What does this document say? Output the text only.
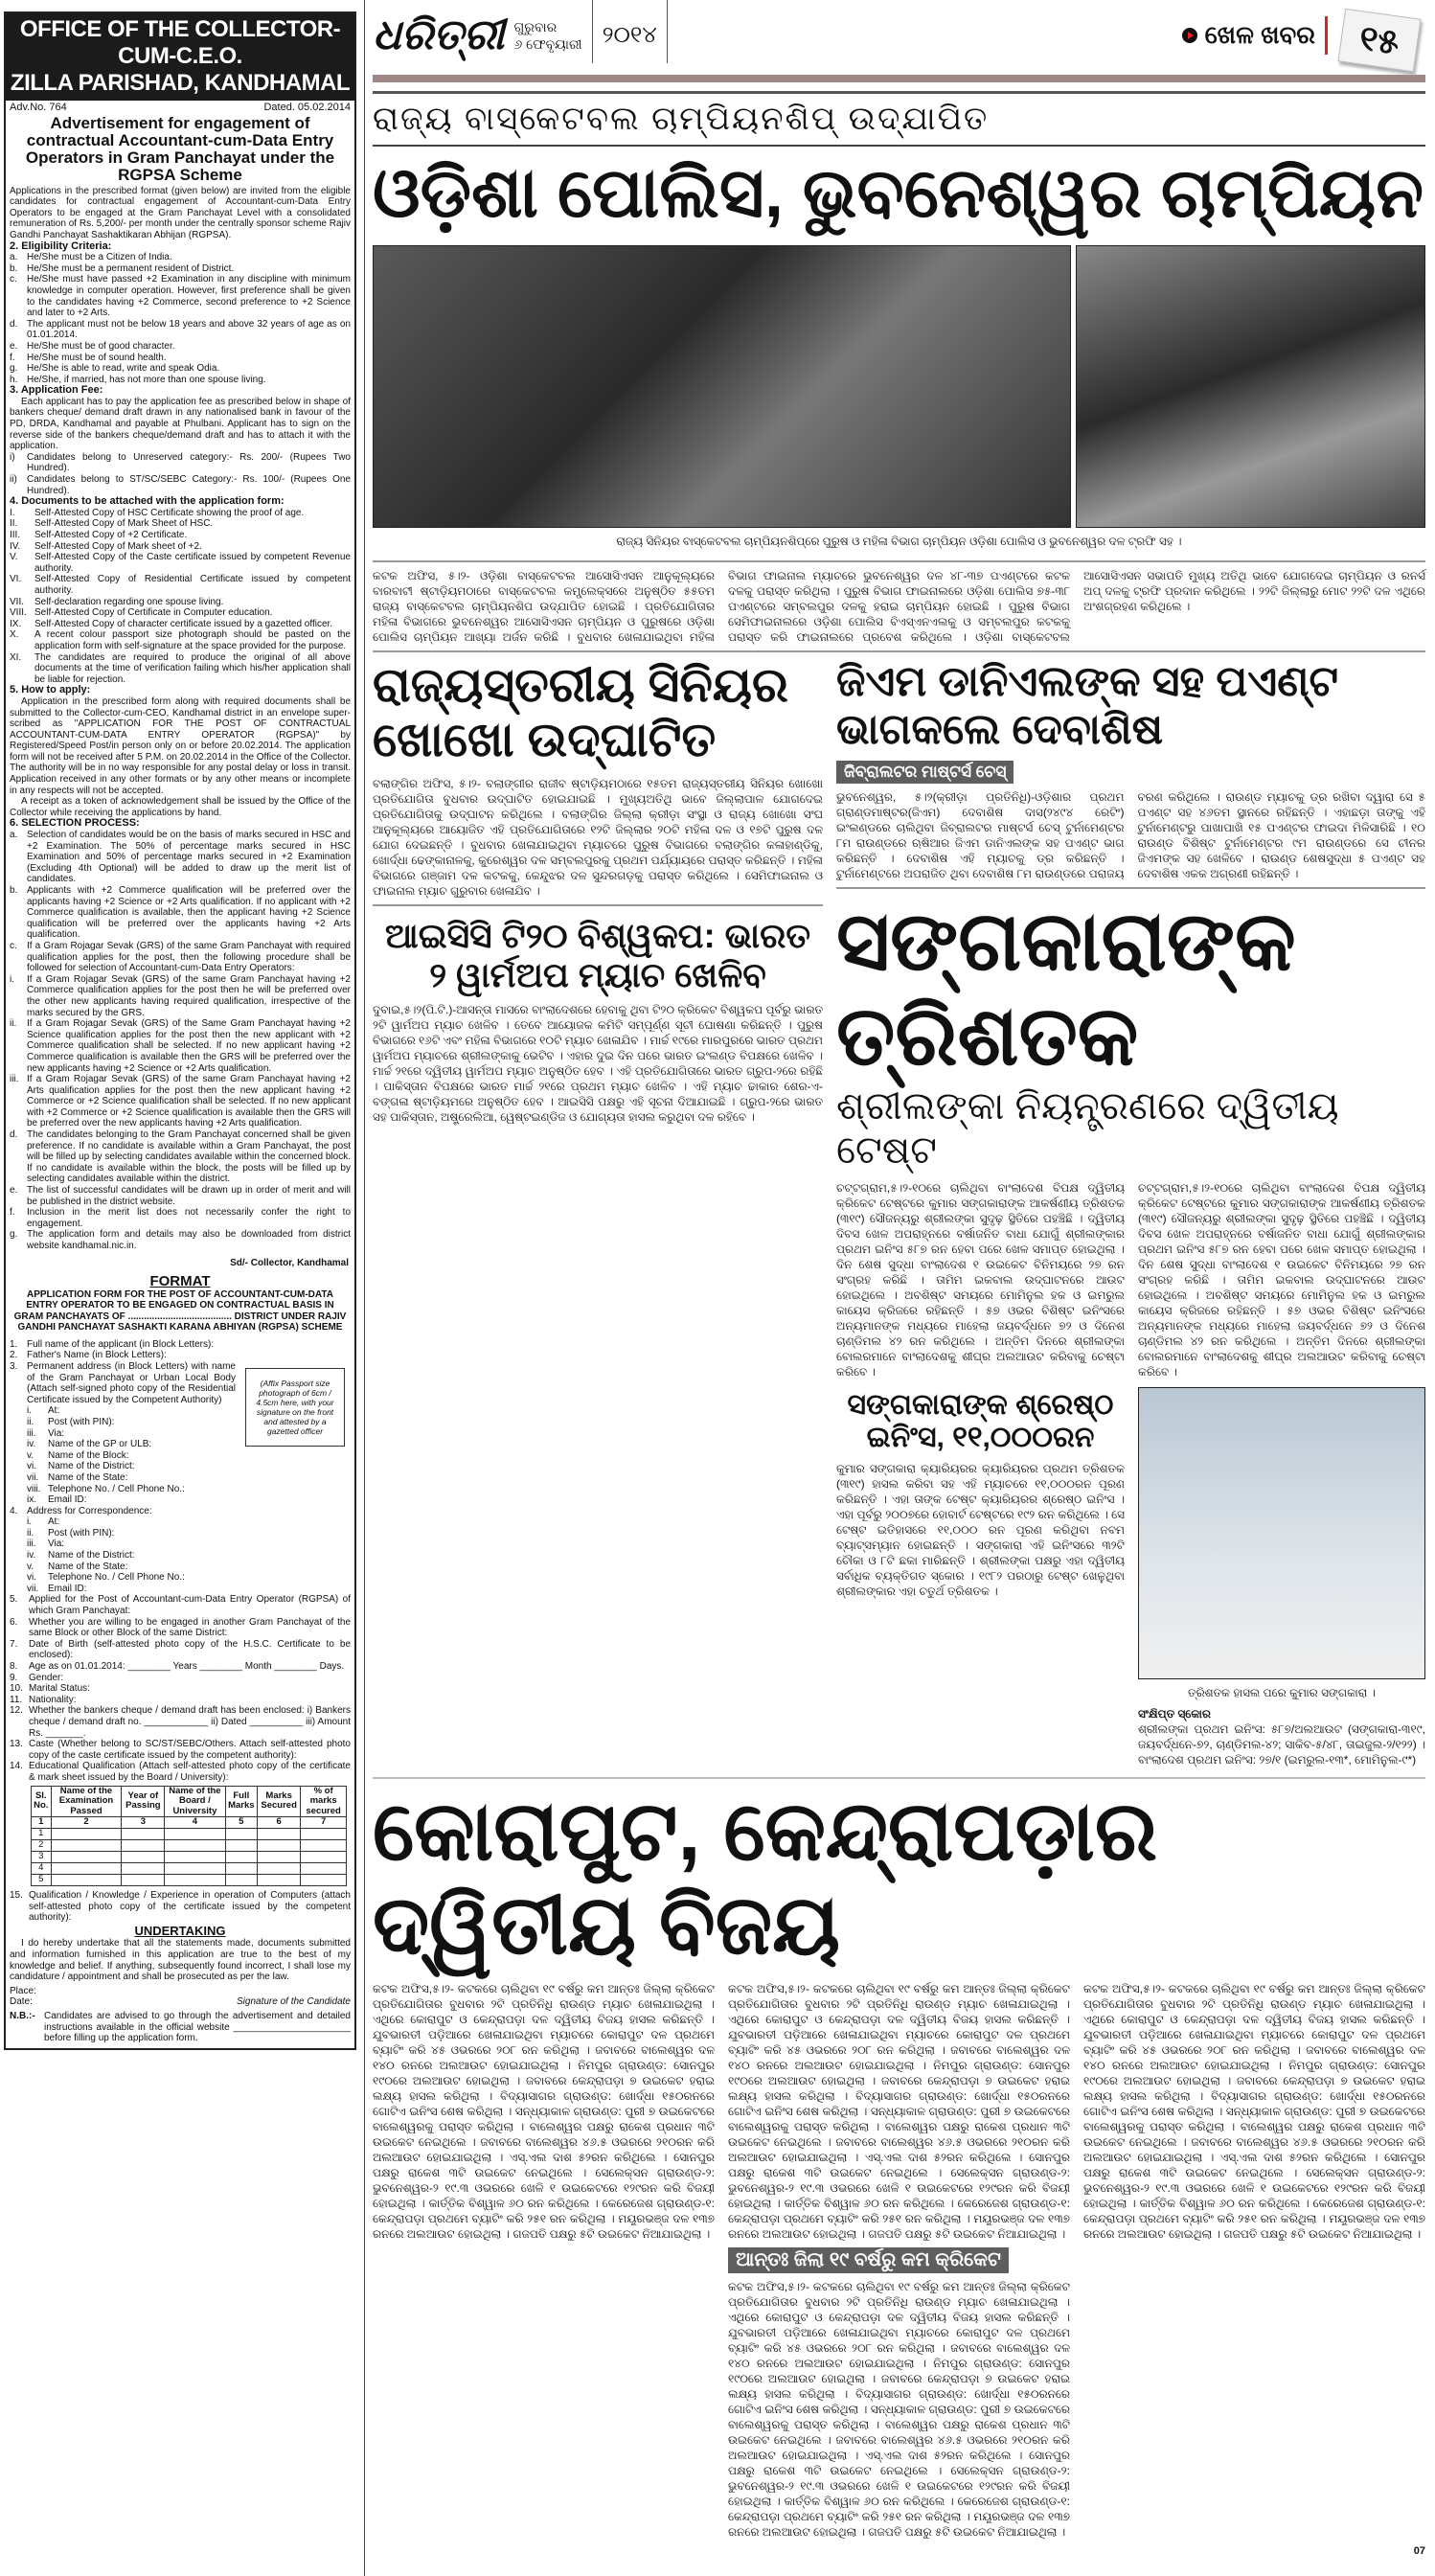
OFFICE OF THE COLLECTOR-CUM-C.E.O.
ZILLA PARISHAD, KANDHAMAL
Adv.No. 764	Dated. 05.02.2014
Advertisement for engagement of contractual Accountant-cum-Data Entry Operators in Gram Panchayat under the RGPSA Scheme
Applications in the prescribed format (given below) are invited from the eligible candidates for contractual engagement of Accountant-cum-Data Entry Operators to be engaged at the Gram Panchayat Level with a consolidated remuneration of Rs. 5,200/- per month under the centrally sponsor scheme Rajiv Gandhi Panchayat Sashaktikaran Abhijan (RGPSA).
2. Eligibility Criteria:
a. He/She must be a Citizen of India.
b. He/She must be a permanent resident of District.
c.	He/She must have passed +2 Examination in any discipline with minimum knowledge in computer operation. However, first preference shall be given to the candidates having +2 Commerce, second preference to +2 Science and later to +2 Arts.
d. The applicant must not be below 18 years and above 32 years of age as on 01.01.2014.
e. He/She must be of good character.
f.	He/She must be of sound health.
g. He/She is able to read, write and speak Odia.
h. He/She, if married, has not more than one spouse living.
3. Application Fee:
Each applicant has to pay the application fee as prescribed below in shape of bankers cheque/ demand draft drawn in any nationalised bank in favour of the PD, DRDA, Kandhamal and payable at Phulbani. Applicant has to sign on the reverse side of the bankers cheque/demand draft and has to attach it with the application.
i)	Candidates belong to Unreserved category:- Rs. 200/- (Rupees Two Hundred).
ii)	Candidates belong to ST/SC/SEBC Category:- Rs. 100/- (Rupees One Hundred).
4. Documents to be attached with the application form:
I.	Self-Attested Copy of HSC Certificate showing the proof of age.
II.	Self-Attested Copy of Mark Sheet of HSC.
III.	Self-Attested Copy of +2 Certificate.
IV.	Self-Attested Copy of Mark sheet of +2.
V.	Self-Attested Copy of the Caste certificate issued by competent Revenue authority.
VI.	Self-Attested Copy of Residential Certificate issued by competent authority.
VII.	Self-declaration regarding one spouse living.
VIII. Self-Attested Copy of Certificate in Computer education.
IX.	Self-Attested Copy of character certificate issued by a gazetted officer.
X.	A recent colour passport size photograph should be pasted on the application form with self-signature at the space provided for the purpose.
XI.	The candidates are required to produce the original of all above documents at the time of verification failing which his/her application shall be liable for rejection.
5. How to apply:
Application in the prescribed form along with required documents shall be submitted to the Collector-cum-CEO, Kandhamal district in an envelope super-scribed as "APPLICATION FOR THE POST OF CONTRACTUAL ACCOUNTANT-CUM-DATA ENTRY OPERATOR (RGPSA)" by Registered/Speed Post/in person only on or before 20.02.2014. The application form will not be received after 5 P.M. on 20.02.2014 in the Office of the Collector. The authority will be in no way responsible for any postal delay or loss in transit. Application received in any other formats or by any other means or incomplete in any respects will not be accepted.
A receipt as a token of acknowledgement shall be issued by the Office of the Collector while receiving the applications by hand.
6. SELECTION PROCESS:
a. Selection of candidates would be on the basis of marks secured in HSC and +2 Examination. The 50% of percentage marks secured in HSC Examination and 50% of percentage marks secured in +2 Examination (Excluding 4th Optional) will be added to draw up the merit list of candidates.
b. Applicants with +2 Commerce qualification will be preferred over the applicants having +2 Science or +2 Arts qualification. If no applicant with +2 Commerce qualification is available, then the applicant having +2 Science qualification will be preferred over the applicants having +2 Arts qualification.
c.	If a Gram Rojagar Sevak (GRS) of the same Gram Panchayat with required qualification applies for the post, then the following procedure shall be followed for selection of Accountant-cum-Data Entry Operators:
i.	If a Gram Rojagar Sevak (GRS) of the same Gram Panchayat having +2 Commerce qualification applies for the post then he will be preferred over the other new applicants having required qualification, irrespective of the marks secured by the GRS.
ii.	If a Gram Rojagar Sevak (GRS) of the Same Gram Panchayat having +2 Science qualification applies for the post then the new applicant with +2 Commerce qualification shall be selected. If no new applicant having +2 Commerce qualification is available then the GRS will be preferred over the new applicants having +2 Science or +2 Arts qualification.
iii. If a Gram Rojagar Sevak (GRS) of the same Gram Panchayat having +2 Arts qualification applies for the post then the new applicant having +2 Commerce or +2 Science qualification shall be selected. If no new applicant with +2 Commerce or +2 Science qualification is available then the GRS will be preferred over the new applicants having +2 Arts qualification.
d. The candidates belonging to the Gram Panchayat concerned shall be given preference. If no candidate is available within a Gram Panchayat, the post will be filled up by selecting candidates available within the concerned block. If no candidate is available within the block, the posts will be filled up by selecting candidates available within the district.
e. The list of successful candidates will be drawn up in order of merit and will be published in the district website.
f.	Inclusion in the merit list does not necessarily confer the right to engagement.
g. The application form and details may also be downloaded from district website kandhamal.nic.in.
Sd/- Collector, Kandhamal
FORMAT
APPLICATION FORM FOR THE POST OF ACCOUNTANT-CUM-DATA ENTRY OPERATOR TO BE ENGAGED ON CONTRACTUAL BASIS IN GRAM PANCHAYATS OF ....................................... DISTRICT UNDER RAJIV GANDHI PANCHAYAT SASHAKTI KARANA ABHIYAN (RGPSA) SCHEME
1. Full name of the applicant (in Block Letters):
2. Father's Name (in Block Letters):
3. Permanent address (in Block Letters) with name of the Gram Panchayat or Urban Local Body (Attach self-signed photo copy of the Residential Certificate issued by the Competent Authority)
i.	At:
ii.	Post (with PIN):
iii.	Via:
iv.	Name of the GP or ULB:
v.	Name of the Block:
vi.	Name of the District:
vii. Name of the State:
viii. Telephone No. / Cell Phone No.:
ix.	Email ID:
4. Address for Correspondence:
i.	At:
ii.	Post (with PIN):
iii.	Via:
iv.	Name of the District:
v.	Name of the State:
vi.	Telephone No. / Cell Phone No.:
vii. Email ID:
(Affix Passport size photograph of 6cm / 4.5cm here, with your signature on the front and attested by a gazetted officer
5.	Applied for the Post of Accountant-cum-Data Entry Operator (RGPSA) of which Gram Panchayat:
6.	Whether you are willing to be engaged in another Gram Panchayat of the same Block or other Block of the same District:
7.	Date of Birth (self-attested photo copy of the H.S.C. Certificate to be enclosed):
8.	Age as on 01.01.2014: ________ Years ________ Month ________ Days.
9.	Gender:
10. Marital Status:
11. Nationality:
12. Whether the bankers cheque / demand draft has been enclosed: i) Bankers cheque / demand draft no. ____________ ii) Dated __________ iii) Amount Rs. _______.
13. Caste (Whether belong to SC/ST/SEBC/Others. Attach self-attested photo copy of the caste certificate issued by the competent authority):
14. Educational Qualification (Attach self-attested photo copy of the certificate & mark sheet issued by the Board / University):
Sl. No.	Name of the Examination Passed	Year of Passing	Name of the Board / University	Full Marks	Marks Secured	% of marks secured
1	2	3	4	5	6	7
1						
2						
3						
4						
5						
15. Qualification / Knowledge / Experience in operation of Computers (attach self-attested photo copy of the certificate issued by the competent authority):
UNDERTAKING
I do hereby undertake that all the statements made, documents submitted and information furnished in this application are true to the best of my knowledge and belief. If anything, subsequently found incorrect, I shall lose my candidature / appointment and shall be prosecuted as per the law.
Place:
Date:	Signature of the Candidate
N.B.:- Candidates are advised to go through the advertisement and detailed instructions available in the official website ______________________ before filling up the application form.
ଧରିତ୍ରୀ ଗୁରୁବାର
୬ ଫେବୃୟାରୀ ୨୦୧୪	ଖେଳ ଖବର	୧୫
ରାଜ୍ୟ ବାସ୍କେଟବଲ ଚାମ୍ପିୟନଶିପ୍ ଉଦ୍ଯାପିତ
ଓଡ଼ିଶା ପୋଲିସ, ଭୁବନେଶ୍ୱର ଚାମ୍ପିୟନ
ରାଜ୍ୟ ସିନିୟର ବାସ୍କେଟବଲ ଚାମ୍ପିୟନଶିପ୍‌ରେ ପୁରୁଷ ଓ ମହିଳା ବିଭାଗ ଚାମ୍ପିୟନ ଓଡ଼ିଶା ପୋଲିସ ଓ ଭୁବନେଶ୍ୱର ଦଳ ଟ୍ରଫି ସହ ।
କଟକ ଅଫିସ, ୫।୨- ଓଡ଼ିଶା ବାସ୍କେଟବଲ ଆସୋସିଏସନ ଆନୁକୂଲ୍ୟରେ ବାରବାଟୀ ଷ୍ଟାଡ଼ିୟମଠାରେ ବାସ୍କେଟବଲ କମ୍ପ୍ଲେକ୍ସରେ ଅନୁଷ୍ଠିତ ୫୫ତମ ରାଜ୍ୟ ବାସ୍କେଟବଲ ଚାମ୍ପିୟନଶିପ ଉଦ୍ଯାପିତ ହୋଇଛି । ପ୍ରତିଯୋଗିତାର ମହିଳା ବିଭାଗରେ ଭୁବନେଶ୍ୱର ଆସୋସିଏସନ ଚାମ୍ପିୟନ ଓ ପୁରୁଷରେ ଓଡ଼ିଶା ପୋଲିସ ଚାମ୍ପିୟନ ଆଖ୍ୟା ଅର୍ଜନ କରିଛି । ବୁଧବାର ଖେଳାଯାଇଥିବା ମହିଳା ବିଭାଗ ଫାଇନାଲ ମ୍ୟାଚରେ ଭୁବନେଶ୍ୱର ଦଳ ୪୮-୩୭ ପଏଣ୍ଟରେ କଟକ ଦଳକୁ ପରାସ୍ତ କରିଥିଲା । ପୁରୁଷ ବିଭାଗ ଫାଇନାଲରେ ଓଡ଼ିଶା ପୋଲିସ ୭୫-୩୮ ପଏଣ୍ଟରେ ସମ୍ବଲପୁର ଦଳକୁ ହରାଇ ଚାମ୍ପିୟନ ହୋଇଛି । ପୁରୁଷ ବିଭାଗ ସେମିଫାଇନାଲରେ ଓଡ଼ିଶା ପୋଲିସ ବିଏସ୍ଏନଏଲକୁ ଓ ସମ୍ବଲପୁର କଟକକୁ ପରାସ୍ତ କରି ଫାଇନାଲରେ ପ୍ରବେଶ କରିଥିଲେ । ଓଡ଼ିଶା ବାସ୍କେଟବଲ ଆସୋସିଏସନ ସଭାପତି ମୁଖ୍ୟ ଅତିଥି ଭାବେ ଯୋଗଦେଇ ଚାମ୍ପିୟନ ଓ ରନର୍ସ ଅପ୍ ଦଳକୁ ଟ୍ରଫି ପ୍ରଦାନ କରିଥିଲେ । ୨୨ଟି ଜିଲ୍ଲାରୁ ମୋଟ ୨୨ଟି ଦଳ ଏଥିରେ ଅଂଶଗ୍ରହଣ କରିଥିଲେ ।
ରାଜ୍ୟସ୍ତରୀୟ ସିନିୟର
ଖୋଖୋ ଉଦ୍‌ଘାଟିତ
ବଲାଙ୍ଗିର ଅଫିସ, ୫।୨- ବଲାଙ୍ଗୀର ରାଜୀବ ଷ୍ଟାଡ଼ିୟମଠାରେ ୧୫ତମ ରାଜ୍ୟସ୍ତରୀୟ ସିନିୟର ଖୋଖୋ ପ୍ରତିଯୋଗିତା ବୁଧବାର ଉଦ୍‌ଘାଟିତ ହୋଇଯାଇଛି । ମୁଖ୍ୟଅତିଥି ଭାବେ ଜିଲ୍ଲାପାଳ ଯୋଗଦେଇ ପ୍ରତିଯୋଗିତାକୁ ଉଦ୍‌ଘାଟନ କରିଥିଲେ । ବଲାଙ୍ଗିର ଜିଲ୍ଲା କ୍ରୀଡ଼ା ସଂସ୍ଥା ଓ ରାଜ୍ୟ ଖୋଖୋ ସଂଘ ଆନୁକୂଲ୍ୟରେ ଆୟୋଜିତ ଏହି ପ୍ରତିଯୋଗିତାରେ ୧୨ଟି ଜିଲ୍ଲାର ୨୦ଟି ମହିଳା ଦଳ ଓ ୧୭ଟି ପୁରୁଷ ଦଳ ଯୋଗ ଦେଇଛନ୍ତି । ବୁଧବାର ଖେଳାଯାଇଥିବା ମ୍ୟାଚରେ ପୁରୁଷ ବିଭାଗରେ ବଲାଙ୍ଗିର କଳାହାଣ୍ଡିକୁ, ଖୋର୍ଦ୍ଧା ଢେଙ୍କାନାଳକୁ, କୁରେଶ୍ୱର ଦଳ ସମ୍ବଲପୁରକୁ ପ୍ରଥମ ପର୍ଯ୍ୟାୟରେ ପରାସ୍ତ କରିଛନ୍ତି । ମହିଳା ବିଭାଗରେ ଗଞ୍ଜାମ ଦଳ କଟକକୁ, କେନ୍ଦୁଝର ଦଳ ସୁନ୍ଦରଗଡ଼କୁ ପରାସ୍ତ କରିଥିଲେ । ସେମିଫାଇନାଲ ଓ ଫାଇନାଲ ମ୍ୟାଚ ଗୁରୁବାର ଖେଳାଯିବ ।
ଆଇସିସି ଟି୨୦ ବିଶ୍ୱକପ: ଭାରତ
୨ ୱାର୍ମଅପ ମ୍ୟାଚ ଖେଳିବ
ଦୁବାଇ,୫।୨(ପି.ଟି.)-ଆସନ୍ତା ମାସରେ ବାଂଲାଦେଶରେ ହେବାକୁ ଥିବା ଟି୨୦ କ୍ରିକେଟ ବିଶ୍ୱକପ ପୂର୍ବରୁ ଭାରତ ୨ଟି ୱାର୍ମଅପ ମ୍ୟାଚ ଖେଳିବ । ତେବେ ଆୟୋଜକ କମିଟି ସମ୍ପୂର୍ଣ୍ଣ ସୂଚୀ ଘୋଷଣା କରିଛନ୍ତି । ପୁରୁଷ ବିଭାଗରେ ୧୬ଟି ଏବଂ ମହିଳା ବିଭାଗରେ ୧୦ଟି ମ୍ୟାଚ ଖେଳାଯିବ । ମାର୍ଚ୍ଚ ୧୯ରେ ମାରପୁରରେ ଭାରତ ପ୍ରଥମ ୱାର୍ମଅପ ମ୍ୟାଚରେ ଶ୍ରୀଲଙ୍କାକୁ ଭେଟିବ । ଏହାର ଦୁଇ ଦିନ ପରେ ଭାରତ ଇଂଲଣ୍ଡ ବିପକ୍ଷରେ ଖେଳିବ । ମାର୍ଚ୍ଚ ୨୧ରେ ଦ୍ୱିତୀୟ ୱାର୍ମଅପ ମ୍ୟାଚ ଅନୁଷ୍ଠିତ ହେବ । ଏହି ପ୍ରତିଯୋଗିତାରେ ଭାରତ ଗ୍ରୁପ-୨ରେ ରହିଛି । ପାକିସ୍ତାନ ବିପକ୍ଷରେ ଭାରତ ମାର୍ଚ୍ଚ ୨୧ରେ ପ୍ରଥମ ମ୍ୟାଚ ଖେଳିବ । ଏହି ମ୍ୟାଚ ଢାକାର ଶେର-ଏ-ବଙ୍ଗଳା ଷ୍ଟାଡ଼ିୟମରେ ଅନୁଷ୍ଠିତ ହେବ । ଆଇସିସି ପକ୍ଷରୁ ଏହି ସୂଚନା ଦିଆଯାଇଛି । ଗ୍ରୁପ-୨ରେ ଭାରତ ସହ ପାକିସ୍ତାନ, ଅଷ୍ଟ୍ରେଲିଆ, ୱେଷ୍ଟଇଣ୍ଡିଜ ଓ ଯୋଗ୍ୟତା ହାସଲ କରୁଥିବା ଦଳ ରହିବେ ।
ଜିଏମ ଡାନିଏଲଙ୍କ ସହ ପଏଣ୍ଟ ଭାଗକଲେ ଦେବାଶିଷ
ଜିବ୍ରାଲଟର ମାଷ୍ଟର୍ସ ଚେସ୍
ଭୁବନେଶ୍ୱର, ୫।୨(କ୍ରୀଡ଼ା ପ୍ରତିନିଧି)-ଓଡ଼ିଶାର ପ୍ରଥମ ଗ୍ରାଣ୍ଡମାଷ୍ଟର(ଜିଏମ) ଦେବାଶିଷ ଦାସ(୨୪୯୪ ରେଟିଂ) ଇଂଲଣ୍ଡରେ ଚାଲିଥିବା ଜିବ୍ରାଲଟର ମାଷ୍ଟର୍ସ ଚେସ୍ ଟୁର୍ନାମେଣ୍ଟର ୮ମ ରାଉଣ୍ଡରେ ଋଷିଆର ଜିଏମ ଡାନିଏଲଙ୍କ ସହ ପଏଣ୍ଟ ଭାଗ କରିଛନ୍ତି । ଦେବାଶିଷ ଏହି ମ୍ୟାଚକୁ ଡ୍ର କରିଛନ୍ତି । ଟୁର୍ନାମେଣ୍ଟରେ ଅପରାଜିତ ଥିବା ଦେବାଶିଷ ୮ମ ରାଉଣ୍ଡରେ ପରାଜୟ ବରଣ କରିଥିଲେ । ରାଉଣ୍ଡ ମ୍ୟାଚକୁ ଡ୍ର ରଖିବା ଦ୍ୱାରା ସେ ୫ ପଏଣ୍ଟ ସହ ୪୬ତମ ସ୍ଥାନରେ ରହିଛନ୍ତି । ଏହାଛଡ଼ା ତାଙ୍କୁ ଏହି ଟୁର୍ନାମେଣ୍ଟରୁ ପାଖାପାଖି ୧୫ ପଏଣ୍ଟର ଫାଇଦା ମିଳିସାରିଛି । ୧୦ ରାଉଣ୍ଡ ବିଶିଷ୍ଟ ଟୁର୍ନାମେଣ୍ଟର ୯ମ ରାଉଣ୍ଡରେ ସେ ଚୀନର ଜିଏମଙ୍କ ସହ ଖେଳିବେ । ରାଉଣ୍ଡ ଶେଷସୁଦ୍ଧା ୫ ପଏଣ୍ଟ ସହ ଦେବାଶିଷ ଏକକ ଅଗ୍ରଣୀ ରହିଛନ୍ତି ।
ସଙ୍ଗକାରାଙ୍କ ତ୍ରିଶତକ
ଶ୍ରୀଲଙ୍କା ନିୟନ୍ତ୍ରଣରେ ଦ୍ୱିତୀୟ ଟେଷ୍ଟ
ଚଟ୍ଟଗ୍ରାମ,୫।୨-୧୦ରେ ଚାଲିଥିବା ବାଂଲାଦେଶ ବିପକ୍ଷ ଦ୍ୱିତୀୟ କ୍ରିକେଟ ଟେଷ୍ଟରେ କୁମାର ସଙ୍ଗକାରାଙ୍କ ଆକର୍ଷଣୀୟ ତ୍ରିଶତକ (୩୧୯) ସୌଜନ୍ୟରୁ ଶ୍ରୀଲଙ୍କା ସୁଦୃଢ଼ ସ୍ଥିତିରେ ପହଞ୍ଚିଛି । ଦ୍ୱିତୀୟ ଦିବସ ଖେଳ ଅପରାହ୍ନରେ ବର୍ଷାଜନିତ ବାଧା ଯୋଗୁଁ ଶ୍ରୀଲଙ୍କାର ପ୍ରଥମ ଇନିଂସ ୫୮୭ ରନ ହେବା ପରେ ଖେଳ ସମାପ୍ତ ହୋଇଥିଲା । ଦିନ ଶେଷ ସୁଦ୍ଧା ବାଂଲାଦେଶ ୧ ଉଇକେଟ ବିନିମୟରେ ୨୭ ରନ ସଂଗ୍ରହ କରିଛି । ତାମିମ ଇକବାଲ ଉଦ୍‌ଘାଟନରେ ଆଉଟ ହୋଇଥିଲେ । ଅବଶିଷ୍ଟ ସମୟରେ ମୋମିନୁଲ ହକ ଓ ଇମରୁଲ କାୟେସ କ୍ରିଜରେ ରହିଛନ୍ତି । ୫୭ ଓଭର ବିଶିଷ୍ଟ ଇନିଂସରେ ଅନ୍ୟମାନଙ୍କ ମଧ୍ୟରେ ମାହେଲା ଜୟବର୍ଦ୍ଧନେ ୭୨ ଓ ଦିନେଶ ଚାଣ୍ଡିମଲ ୪୨ ରନ କରିଥିଲେ । ଅନ୍ତିମ ଦିନରେ ଶ୍ରୀଲଙ୍କା ବୋଲରମାନେ ବାଂଲାଦେଶକୁ ଶୀଘ୍ର ଅଲଆଉଟ କରିବାକୁ ଚେଷ୍ଟା କରିବେ ।
ସଙ୍ଗକାରାଙ୍କ ଶ୍ରେଷ୍ଠ ଇନିଂସ, ୧୧,୦୦୦ରନ
କୁମାର ସଙ୍ଗକାରା କ୍ୟାରିୟରର କ୍ୟାରିୟରର ପ୍ରଥମ ତ୍ରିଶତକ (୩୧୯) ହାସଲ କରିବା ସହ ଏହି ମ୍ୟାଚରେ ୧୧,୦୦୦ରନ ପୂରଣ କରିଛନ୍ତି । ଏହା ତାଙ୍କ ଟେଷ୍ଟ କ୍ୟାରିୟରର ଶ୍ରେଷ୍ଠ ଇନିଂସ । ଏହା ପୂର୍ବରୁ ୨୦୦୭ରେ ହୋବାର୍ଟ ଟେଷ୍ଟରେ ୧୯୨ ରନ କରିଥିଲେ । ସେ ଟେଷ୍ଟ ଇତିହାସରେ ୧୧,୦୦୦ ରନ ପୂରଣ କରିଥିବା ନବମ ବ୍ୟାଟ୍ସମ୍ୟାନ ହୋଇଛନ୍ତି । ସଙ୍ଗକାରା ଏହି ଇନିଂସରେ ୩୨ଟି ଚୌକା ଓ ୮ଟି ଛକା ମାରିଛନ୍ତି । ଶ୍ରୀଲଙ୍କା ପକ୍ଷରୁ ଏହା ଦ୍ୱିତୀୟ ସର୍ବାଧିକ ବ୍ୟକ୍ତିଗତ ସ୍କୋର । ୧୯୮୨ ପରଠାରୁ ଟେଷ୍ଟ ଖେଳୁଥିବା ଶ୍ରୀଲଙ୍କାର ଏହା ଚତୁର୍ଥ ତ୍ରିଶତକ ।
ଚଟ୍ଟଗ୍ରାମ,୫।୨-୧୦ରେ ଚାଲିଥିବା ବାଂଲାଦେଶ ବିପକ୍ଷ ଦ୍ୱିତୀୟ କ୍ରିକେଟ ଟେଷ୍ଟରେ କୁମାର ସଙ୍ଗକାରାଙ୍କ ଆକର୍ଷଣୀୟ ତ୍ରିଶତକ (୩୧୯) ସୌଜନ୍ୟରୁ ଶ୍ରୀଲଙ୍କା ସୁଦୃଢ଼ ସ୍ଥିତିରେ ପହଞ୍ଚିଛି । ଦ୍ୱିତୀୟ ଦିବସ ଖେଳ ଅପରାହ୍ନରେ ବର୍ଷାଜନିତ ବାଧା ଯୋଗୁଁ ଶ୍ରୀଲଙ୍କାର ପ୍ରଥମ ଇନିଂସ ୫୮୭ ରନ ହେବା ପରେ ଖେଳ ସମାପ୍ତ ହୋଇଥିଲା । ଦିନ ଶେଷ ସୁଦ୍ଧା ବାଂଲାଦେଶ ୧ ଉଇକେଟ ବିନିମୟରେ ୨୭ ରନ ସଂଗ୍ରହ କରିଛି । ତାମିମ ଇକବାଲ ଉଦ୍‌ଘାଟନରେ ଆଉଟ ହୋଇଥିଲେ । ଅବଶିଷ୍ଟ ସମୟରେ ମୋମିନୁଲ ହକ ଓ ଇମରୁଲ କାୟେସ କ୍ରିଜରେ ରହିଛନ୍ତି । ୫୭ ଓଭର ବିଶିଷ୍ଟ ଇନିଂସରେ ଅନ୍ୟମାନଙ୍କ ମଧ୍ୟରେ ମାହେଲା ଜୟବର୍ଦ୍ଧନେ ୭୨ ଓ ଦିନେଶ ଚାଣ୍ଡିମଲ ୪୨ ରନ କରିଥିଲେ । ଅନ୍ତିମ ଦିନରେ ଶ୍ରୀଲଙ୍କା ବୋଲରମାନେ ବାଂଲାଦେଶକୁ ଶୀଘ୍ର ଅଲଆଉଟ କରିବାକୁ ଚେଷ୍ଟା କରିବେ ।
ତ୍ରିଶତକ ହାସଲ ପରେ କୁମାର ସଙ୍ଗକାରା ।
ସଂକ୍ଷିପ୍ତ ସ୍କୋର
ଶ୍ରୀଲଙ୍କା ପ୍ରଥମ ଇନିଂସ: ୫୮୭/ଅଲଆଉଟ (ସଙ୍ଗକାରା-୩୧୯, ଜୟବର୍ଦ୍ଧନେ-୭୨, ଚାଣ୍ଡିମଲ-୪୨; ସାକିବ-୫/୪୮, ତାଇଜୁଲ-୨/୧୨୨) । ବାଂଲାଦେଶ ପ୍ରଥମ ଇନିଂସ: ୨୭/୧ (ଇମରୁଲ-୧୩*, ମୋମିନୁଲ-୯*)
କୋରାପୁଟ, କେନ୍ଦ୍ରାପଡ଼ାର ଦ୍ୱିତୀୟ ବିଜୟ
କଟକ ଅଫିସ,୫।୨- କଟକରେ ଚାଲିଥିବା ୧୯ ବର୍ଷରୁ କମ ଆନ୍ତଃ ଜିଲ୍ଲା କ୍ରିକେଟ ପ୍ରତିଯୋଗିତାର ବୁଧବାର ୨ଟି ପ୍ରତିନିଧି ରାଉଣ୍ଡ ମ୍ୟାଚ ଖେଳାଯାଇଥିଲା । ଏଥିରେ କୋରାପୁଟ ଓ କେନ୍ଦ୍ରାପଡ଼ା ଦଳ ଦ୍ୱିତୀୟ ବିଜୟ ହାସଲ କରିଛନ୍ତି । ଯୁବଭାରତୀ ପଡ଼ିଆରେ ଖେଳାଯାଇଥିବା ମ୍ୟାଚରେ କୋରାପୁଟ ଦଳ ପ୍ରଥମେ ବ୍ୟାଟିଂ କରି ୪୫ ଓଭରରେ ୨୦୮ ରନ କରିଥିଲା । ଜବାବରେ ବାଲେଶ୍ୱର ଦଳ ୧୪୦ ରନରେ ଅଲଆଉଟ ହୋଇଯାଇଥିଲା । ନିମପୁର ଗ୍ରାଉଣ୍ଡ: ସୋନପୁର ୧୯୦ରେ ଅଲଆଉଟ ହୋଇଥିଲା । ଜବାବରେ କେନ୍ଦ୍ରାପଡ଼ା ୭ ଉଇକେଟ ହରାଇ ଲକ୍ଷ୍ୟ ହାସଲ କରିଥିଲା । ବିଦ୍ୟାସାଗର ଗ୍ରାଉଣ୍ଡ: ଖୋର୍ଦ୍ଧା ୧୫୦ରନରେ ଗୋଟିଏ ଇନିଂସ ଶେଷ କରିଥିଲା । ସନ୍ଧ୍ୟାକାଳ ଗ୍ରାଉଣ୍ଡ: ପୁରୀ ୭ ଉଇକେଟରେ ବାଲେଶ୍ୱରକୁ ପରାସ୍ତ କରିଥିଲା । ବାଲେଶ୍ୱର ପକ୍ଷରୁ ରାକେଶ ପ୍ରଧାନ ୩ଟି ଉଇକେଟ ନେଇଥିଲେ । ଜବାବରେ ବାଲେଶ୍ୱର ୪୬.୫ ଓଭରରେ ୨୧୦ରନ କରି ଅଲଆଉଟ ହୋଇଯାଇଥିଲା । ଏସ୍.ଏଲ ଦାଶ ୫୨ରନ କରିଥିଲେ । ସୋନପୁର ପକ୍ଷରୁ ରାକେଶ ୩ଟି ଉଇକେଟ ନେଇଥିଲେ । ସେଲେକ୍ସନ ଗ୍ରାଉଣ୍ଡ-୨: ଭୁବନେଶ୍ୱର-୨ ୧୯.୩ ଓଭରରେ ଖେଳି ୧ ଉଇକେଟରେ ୧୨୯ରନ କରି ବିଜୟୀ ହୋଇଥିଲା । କାର୍ତ୍ତିକ ବିଶ୍ୱାଳ ୬୦ ରନ କରିଥିଲେ । କେରେଜେଶ ଗ୍ରାଉଣ୍ଡ-୧: କେନ୍ଦ୍ରାପଡ଼ା ପ୍ରଥମେ ବ୍ୟାଟିଂ କରି ୨୫୧ ରନ କରିଥିଲା । ମୟୂରଭଞ୍ଜ ଦଳ ୧୩୭ ରନରେ ଅଲଆଉଟ ହୋଇଥିଲା । ଗଜପତି ପକ୍ଷରୁ ୫ଟି ଉଇକେଟ ନିଆଯାଇଥିଲା ।
କଟକ ଅଫିସ,୫।୨- କଟକରେ ଚାଲିଥିବା ୧୯ ବର୍ଷରୁ କମ ଆନ୍ତଃ ଜିଲ୍ଲା କ୍ରିକେଟ ପ୍ରତିଯୋଗିତାର ବୁଧବାର ୨ଟି ପ୍ରତିନିଧି ରାଉଣ୍ଡ ମ୍ୟାଚ ଖେଳାଯାଇଥିଲା । ଏଥିରେ କୋରାପୁଟ ଓ କେନ୍ଦ୍ରାପଡ଼ା ଦଳ ଦ୍ୱିତୀୟ ବିଜୟ ହାସଲ କରିଛନ୍ତି । ଯୁବଭାରତୀ ପଡ଼ିଆରେ ଖେଳାଯାଇଥିବା ମ୍ୟାଚରେ କୋରାପୁଟ ଦଳ ପ୍ରଥମେ ବ୍ୟାଟିଂ କରି ୪୫ ଓଭରରେ ୨୦୮ ରନ କରିଥିଲା । ଜବାବରେ ବାଲେଶ୍ୱର ଦଳ ୧୪୦ ରନରେ ଅଲଆଉଟ ହୋଇଯାଇଥିଲା । ନିମପୁର ଗ୍ରାଉଣ୍ଡ: ସୋନପୁର ୧୯୦ରେ ଅଲଆଉଟ ହୋଇଥିଲା । ଜବାବରେ କେନ୍ଦ୍ରାପଡ଼ା ୭ ଉଇକେଟ ହରାଇ ଲକ୍ଷ୍ୟ ହାସଲ କରିଥିଲା । ବିଦ୍ୟାସାଗର ଗ୍ରାଉଣ୍ଡ: ଖୋର୍ଦ୍ଧା ୧୫୦ରନରେ ଗୋଟିଏ ଇନିଂସ ଶେଷ କରିଥିଲା । ସନ୍ଧ୍ୟାକାଳ ଗ୍ରାଉଣ୍ଡ: ପୁରୀ ୭ ଉଇକେଟରେ ବାଲେଶ୍ୱରକୁ ପରାସ୍ତ କରିଥିଲା । ବାଲେଶ୍ୱର ପକ୍ଷରୁ ରାକେଶ ପ୍ରଧାନ ୩ଟି ଉଇକେଟ ନେଇଥିଲେ । ଜବାବରେ ବାଲେଶ୍ୱର ୪୬.୫ ଓଭରରେ ୨୧୦ରନ କରି ଅଲଆଉଟ ହୋଇଯାଇଥିଲା । ଏସ୍.ଏଲ ଦାଶ ୫୨ରନ କରିଥିଲେ । ସୋନପୁର ପକ୍ଷରୁ ରାକେଶ ୩ଟି ଉଇକେଟ ନେଇଥିଲେ । ସେଲେକ୍ସନ ଗ୍ରାଉଣ୍ଡ-୨: ଭୁବନେଶ୍ୱର-୨ ୧୯.୩ ଓଭରରେ ଖେଳି ୧ ଉଇକେଟରେ ୧୨୯ରନ କରି ବିଜୟୀ ହୋଇଥିଲା । କାର୍ତ୍ତିକ ବିଶ୍ୱାଳ ୬୦ ରନ କରିଥିଲେ । କେରେଜେଶ ଗ୍ରାଉଣ୍ଡ-୧: କେନ୍ଦ୍ରାପଡ଼ା ପ୍ରଥମେ ବ୍ୟାଟିଂ କରି ୨୫୧ ରନ କରିଥିଲା । ମୟୂରଭଞ୍ଜ ଦଳ ୧୩୭ ରନରେ ଅଲଆଉଟ ହୋଇଥିଲା । ଗଜପତି ପକ୍ଷରୁ ୫ଟି ଉଇକେଟ ନିଆଯାଇଥିଲା ।
ଆନ୍ତଃ ଜିଲା ୧୯ ବର୍ଷରୁ କମ କ୍ରିକେଟ
କଟକ ଅଫିସ,୫।୨- କଟକରେ ଚାଲିଥିବା ୧୯ ବର୍ଷରୁ କମ ଆନ୍ତଃ ଜିଲ୍ଲା କ୍ରିକେଟ ପ୍ରତିଯୋଗିତାର ବୁଧବାର ୨ଟି ପ୍ରତିନିଧି ରାଉଣ୍ଡ ମ୍ୟାଚ ଖେଳାଯାଇଥିଲା । ଏଥିରେ କୋରାପୁଟ ଓ କେନ୍ଦ୍ରାପଡ଼ା ଦଳ ଦ୍ୱିତୀୟ ବିଜୟ ହାସଲ କରିଛନ୍ତି । ଯୁବଭାରତୀ ପଡ଼ିଆରେ ଖେଳାଯାଇଥିବା ମ୍ୟାଚରେ କୋରାପୁଟ ଦଳ ପ୍ରଥମେ ବ୍ୟାଟିଂ କରି ୪୫ ଓଭରରେ ୨୦୮ ରନ କରିଥିଲା । ଜବାବରେ ବାଲେଶ୍ୱର ଦଳ ୧୪୦ ରନରେ ଅଲଆଉଟ ହୋଇଯାଇଥିଲା । ନିମପୁର ଗ୍ରାଉଣ୍ଡ: ସୋନପୁର ୧୯୦ରେ ଅଲଆଉଟ ହୋଇଥିଲା । ଜବାବରେ କେନ୍ଦ୍ରାପଡ଼ା ୭ ଉଇକେଟ ହରାଇ ଲକ୍ଷ୍ୟ ହାସଲ କରିଥିଲା । ବିଦ୍ୟାସାଗର ଗ୍ରାଉଣ୍ଡ: ଖୋର୍ଦ୍ଧା ୧୫୦ରନରେ ଗୋଟିଏ ଇନିଂସ ଶେଷ କରିଥିଲା । ସନ୍ଧ୍ୟାକାଳ ଗ୍ରାଉଣ୍ଡ: ପୁରୀ ୭ ଉଇକେଟରେ ବାଲେଶ୍ୱରକୁ ପରାସ୍ତ କରିଥିଲା । ବାଲେଶ୍ୱର ପକ୍ଷରୁ ରାକେଶ ପ୍ରଧାନ ୩ଟି ଉଇକେଟ ନେଇଥିଲେ । ଜବାବରେ ବାଲେଶ୍ୱର ୪୬.୫ ଓଭରରେ ୨୧୦ରନ କରି ଅଲଆଉଟ ହୋଇଯାଇଥିଲା । ଏସ୍.ଏଲ ଦାଶ ୫୨ରନ କରିଥିଲେ । ସୋନପୁର ପକ୍ଷରୁ ରାକେଶ ୩ଟି ଉଇକେଟ ନେଇଥିଲେ । ସେଲେକ୍ସନ ଗ୍ରାଉଣ୍ଡ-୨: ଭୁବନେଶ୍ୱର-୨ ୧୯.୩ ଓଭରରେ ଖେଳି ୧ ଉଇକେଟରେ ୧୨୯ରନ କରି ବିଜୟୀ ହୋଇଥିଲା । କାର୍ତ୍ତିକ ବିଶ୍ୱାଳ ୬୦ ରନ କରିଥିଲେ । କେରେଜେଶ ଗ୍ରାଉଣ୍ଡ-୧: କେନ୍ଦ୍ରାପଡ଼ା ପ୍ରଥମେ ବ୍ୟାଟିଂ କରି ୨୫୧ ରନ କରିଥିଲା । ମୟୂରଭଞ୍ଜ ଦଳ ୧୩୭ ରନରେ ଅଲଆଉଟ ହୋଇଥିଲା । ଗଜପତି ପକ୍ଷରୁ ୫ଟି ଉଇକେଟ ନିଆଯାଇଥିଲା ।
କଟକ ଅଫିସ,୫।୨- କଟକରେ ଚାଲିଥିବା ୧୯ ବର୍ଷରୁ କମ ଆନ୍ତଃ ଜିଲ୍ଲା କ୍ରିକେଟ ପ୍ରତିଯୋଗିତାର ବୁଧବାର ୨ଟି ପ୍ରତିନିଧି ରାଉଣ୍ଡ ମ୍ୟାଚ ଖେଳାଯାଇଥିଲା । ଏଥିରେ କୋରାପୁଟ ଓ କେନ୍ଦ୍ରାପଡ଼ା ଦଳ ଦ୍ୱିତୀୟ ବିଜୟ ହାସଲ କରିଛନ୍ତି । ଯୁବଭାରତୀ ପଡ଼ିଆରେ ଖେଳାଯାଇଥିବା ମ୍ୟାଚରେ କୋରାପୁଟ ଦଳ ପ୍ରଥମେ ବ୍ୟାଟିଂ କରି ୪୫ ଓଭରରେ ୨୦୮ ରନ କରିଥିଲା । ଜବାବରେ ବାଲେଶ୍ୱର ଦଳ ୧୪୦ ରନରେ ଅଲଆଉଟ ହୋଇଯାଇଥିଲା । ନିମପୁର ଗ୍ରାଉଣ୍ଡ: ସୋନପୁର ୧୯୦ରେ ଅଲଆଉଟ ହୋଇଥିଲା । ଜବାବରେ କେନ୍ଦ୍ରାପଡ଼ା ୭ ଉଇକେଟ ହରାଇ ଲକ୍ଷ୍ୟ ହାସଲ କରିଥିଲା । ବିଦ୍ୟାସାଗର ଗ୍ରାଉଣ୍ଡ: ଖୋର୍ଦ୍ଧା ୧୫୦ରନରେ ଗୋଟିଏ ଇନିଂସ ଶେଷ କରିଥିଲା । ସନ୍ଧ୍ୟାକାଳ ଗ୍ରାଉଣ୍ଡ: ପୁରୀ ୭ ଉଇକେଟରେ ବାଲେଶ୍ୱରକୁ ପରାସ୍ତ କରିଥିଲା । ବାଲେଶ୍ୱର ପକ୍ଷରୁ ରାକେଶ ପ୍ରଧାନ ୩ଟି ଉଇକେଟ ନେଇଥିଲେ । ଜବାବରେ ବାଲେଶ୍ୱର ୪୬.୫ ଓଭରରେ ୨୧୦ରନ କରି ଅଲଆଉଟ ହୋଇଯାଇଥିଲା । ଏସ୍.ଏଲ ଦାଶ ୫୨ରନ କରିଥିଲେ । ସୋନପୁର ପକ୍ଷରୁ ରାକେଶ ୩ଟି ଉଇକେଟ ନେଇଥିଲେ । ସେଲେକ୍ସନ ଗ୍ରାଉଣ୍ଡ-୨: ଭୁବନେଶ୍ୱର-୨ ୧୯.୩ ଓଭରରେ ଖେଳି ୧ ଉଇକେଟରେ ୧୨୯ରନ କରି ବିଜୟୀ ହୋଇଥିଲା । କାର୍ତ୍ତିକ ବିଶ୍ୱାଳ ୬୦ ରନ କରିଥିଲେ । କେରେଜେଶ ଗ୍ରାଉଣ୍ଡ-୧: କେନ୍ଦ୍ରାପଡ଼ା ପ୍ରଥମେ ବ୍ୟାଟିଂ କରି ୨୫୧ ରନ କରିଥିଲା । ମୟୂରଭଞ୍ଜ ଦଳ ୧୩୭ ରନରେ ଅଲଆଉଟ ହୋଇଥିଲା । ଗଜପତି ପକ୍ଷରୁ ୫ଟି ଉଇକେଟ ନିଆଯାଇଥିଲା ।
07
